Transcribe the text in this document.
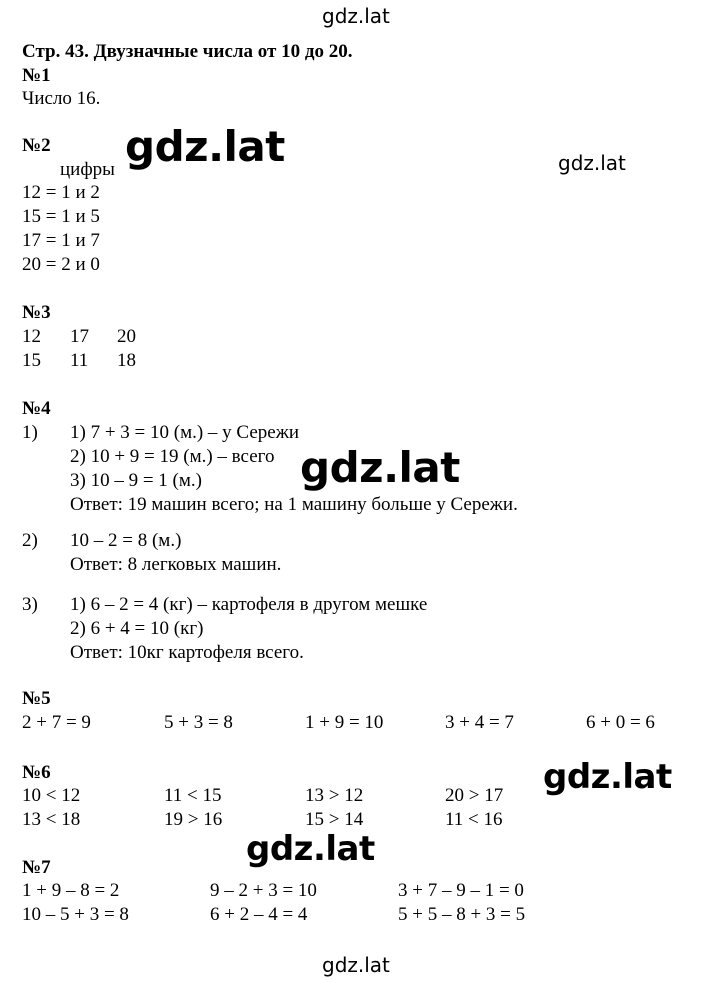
gdz.lat
gdz.lat	gdz.lat
gdz.lat
gdz.lat
gdz.lat
gdz.lat
Стр. 43. Двузначные числа от 10 до 20.
№1
Число 16.
№2
цифры
12 = 1 и 2
15 = 1 и 5
17 = 1 и 7
20 = 2 и 0
№3
12 17 20
15 11 18
№4
1) 1) 7 + 3 = 10 (м.) – у Сережи
2) 10 + 9 = 19 (м.) – всего
3) 10 – 9 = 1 (м.)
Ответ: 19 машин всего; на 1 машину больше у Сережи.
2) 10 – 2 = 8 (м.)
Ответ: 8 легковых машин.
3) 1) 6 – 2 = 4 (кг) – картофеля в другом мешке
2) 6 + 4 = 10 (кг)
Ответ: 10кг картофеля всего.
№5
2 + 7 = 9	5 + 3 = 8	1 + 9 = 10	3 + 4 = 7	6 + 0 = 6
№6
10 < 12	11 < 15	13 > 12	20 > 17
13 < 18	19 > 16	15 > 14	11 < 16
№7
1 + 9 – 8 = 2	9 – 2 + 3 = 10	3 + 7 – 9 – 1 = 0
10 – 5 + 3 = 8	6 + 2 – 4 = 4	5 + 5 – 8 + 3 = 5
